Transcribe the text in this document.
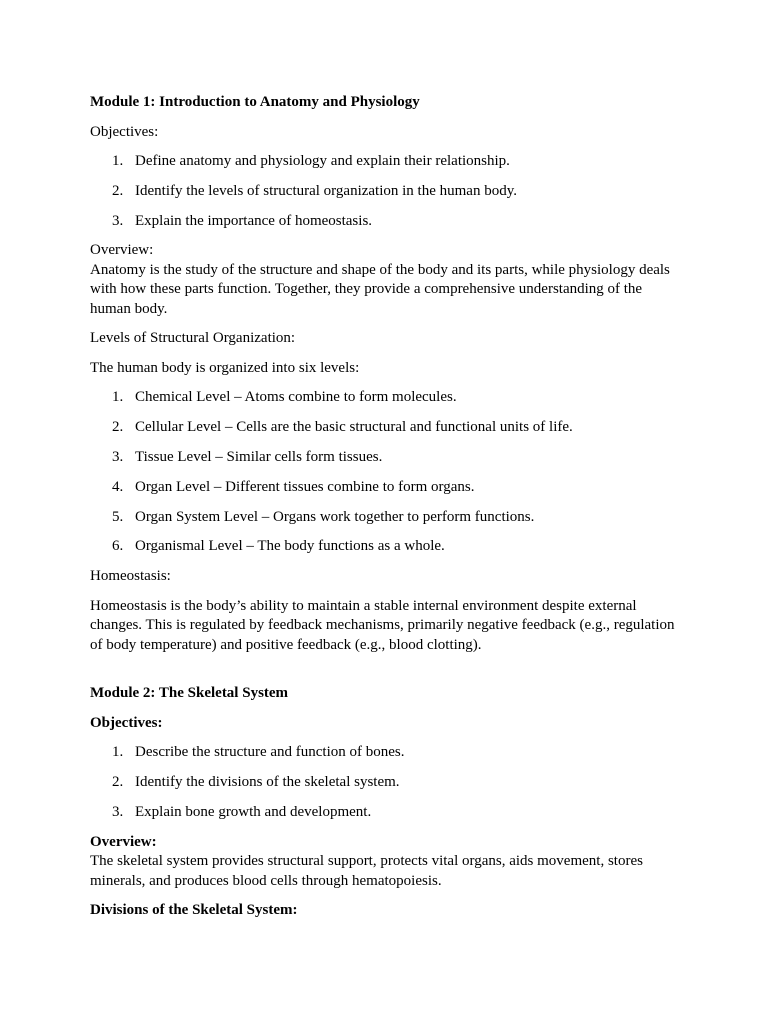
Module 1: Introduction to Anatomy and Physiology

Objectives:

1. Define anatomy and physiology and explain their relationship.
2. Identify the levels of structural organization in the human body.
3. Explain the importance of homeostasis.

Overview:

Anatomy is the study of the structure and shape of the body and its parts, while physiology deals with how these parts function. Together, they provide a comprehensive understanding of the human body.

Levels of Structural Organization:

The human body is organized into six levels:

1. Chemical Level – Atoms combine to form molecules.
2. Cellular Level – Cells are the basic structural and functional units of life.
3. Tissue Level – Similar cells form tissues.
4. Organ Level – Different tissues combine to form organs.
5. Organ System Level – Organs work together to perform functions.
6. Organismal Level – The body functions as a whole.

Homeostasis:

Homeostasis is the body’s ability to maintain a stable internal environment despite external changes. This is regulated by feedback mechanisms, primarily negative feedback (e.g., regulation of body temperature) and positive feedback (e.g., blood clotting).

Module 2: The Skeletal System

Objectives:

1. Describe the structure and function of bones.
2. Identify the divisions of the skeletal system.
3. Explain bone growth and development.

Overview:

The skeletal system provides structural support, protects vital organs, aids movement, stores minerals, and produces blood cells through hematopoiesis.

Divisions of the Skeletal System:
